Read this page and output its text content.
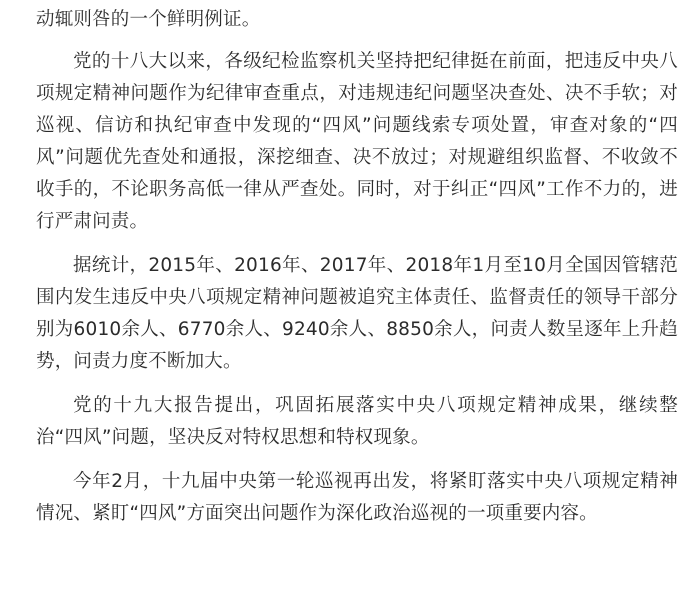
动辄则咎的一个鲜明例证。

党的十八大以来，各级纪检监察机关坚持把纪律挺在前面，把违反中央八项规定精神问题作为纪律审查重点，对违规违纪问题坚决查处、决不手软；对巡视、信访和执纪审查中发现的“四风”问题线索专项处置，审查对象的“四风”问题优先查处和通报，深挖细查、决不放过；对规避组织监督、不收敛不收手的，不论职务高低一律从严查处。同时，对于纠正“四风”工作不力的，进行严肃问责。

据统计，2015年、2016年、2017年、2018年1月至10月全国因管辖范围内发生违反中央八项规定精神问题被追究主体责任、监督责任的领导干部分别为6010余人、6770余人、9240余人、8850余人，问责人数呈逐年上升趋势，问责力度不断加大。

党的十九大报告提出，巩固拓展落实中央八项规定精神成果，继续整治“四风”问题，坚决反对特权思想和特权现象。

今年2月，十九届中央第一轮巡视再出发，将紧盯落实中央八项规定精神情况、紧盯“四风”方面突出问题作为深化政治巡视的一项重要内容。
